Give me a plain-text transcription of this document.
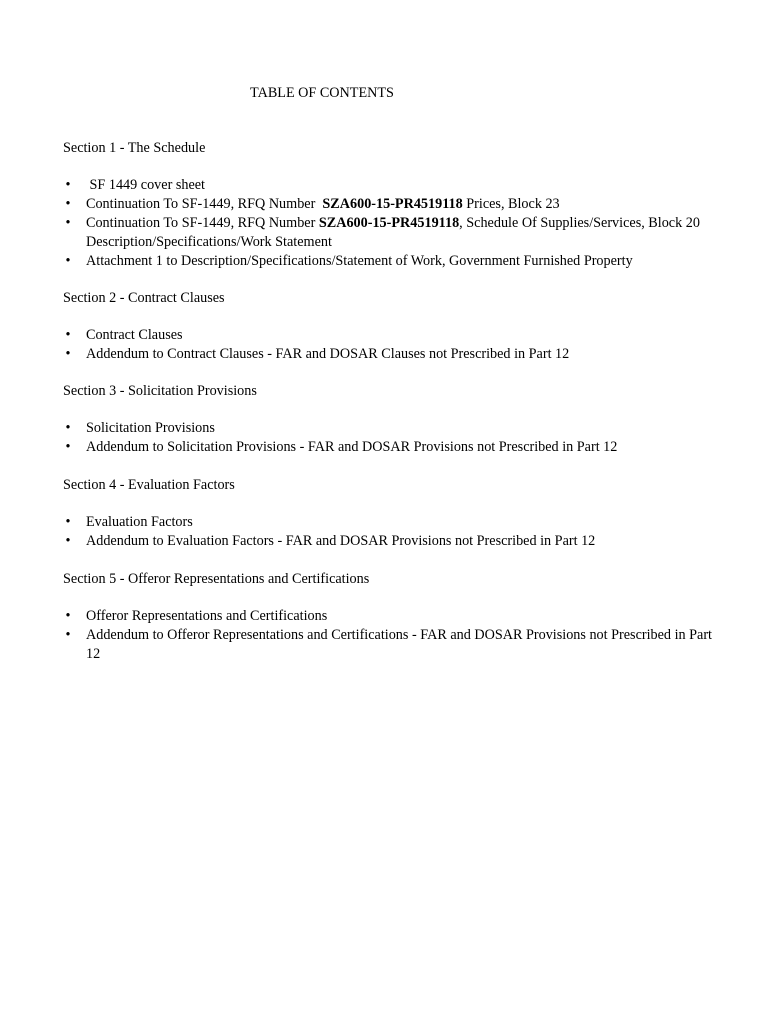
TABLE OF CONTENTS
Section 1 - The Schedule
• SF 1449 cover sheet
• Continuation To SF-1449, RFQ Number  SZA600-15-PR4519118 Prices, Block 23
• Continuation To SF-1449, RFQ Number SZA600-15-PR4519118, Schedule Of Supplies/Services, Block 20 Description/Specifications/Work Statement
• Attachment 1 to Description/Specifications/Statement of Work, Government Furnished Property
Section 2 - Contract Clauses
• Contract Clauses
• Addendum to Contract Clauses - FAR and DOSAR Clauses not Prescribed in Part 12
Section 3 - Solicitation Provisions
• Solicitation Provisions
• Addendum to Solicitation Provisions - FAR and DOSAR Provisions not Prescribed in Part 12
Section 4 - Evaluation Factors
• Evaluation Factors
• Addendum to Evaluation Factors - FAR and DOSAR Provisions not Prescribed in Part 12
Section 5 - Offeror Representations and Certifications
• Offeror Representations and Certifications
• Addendum to Offeror Representations and Certifications - FAR and DOSAR Provisions not Prescribed in Part 12
